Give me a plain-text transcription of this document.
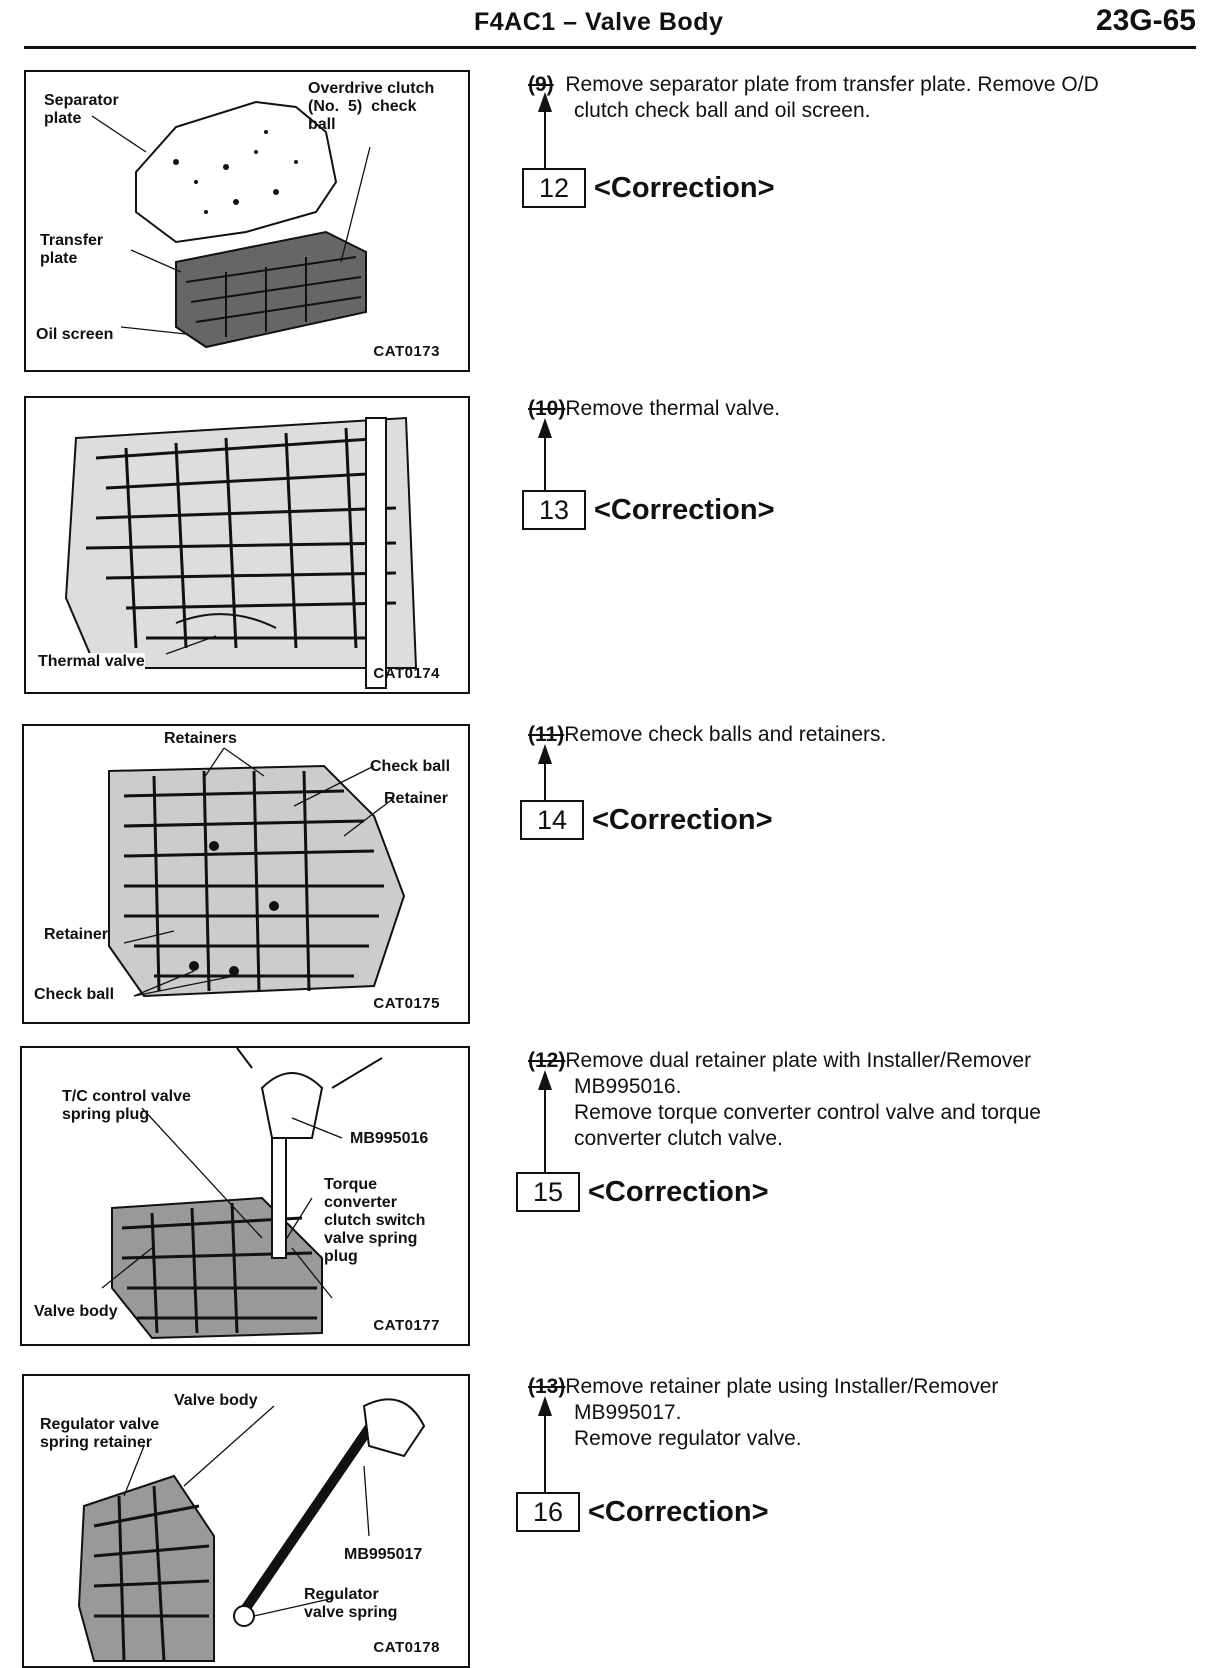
F4AC1 – Valve Body	23G-65
Separator
plate
Overdrive clutch
(No.  5)  check
ball
Transfer
plate
Oil screen
CAT0173
(9) Remove separator plate from transfer plate. Remove O/D
clutch check ball and oil screen.
12 <Correction>
Thermal valve
CAT0174
(10)Remove thermal valve.
13 <Correction>
Retainers
Check ball
Retainer
Retainer
Check ball
CAT0175
(11)Remove check balls and retainers.
14 <Correction>
T/C control valve
spring plug
MB995016
Torque
converter
clutch switch
valve spring
plug
Valve body
CAT0177
(12)Remove dual retainer plate with Installer/Remover
MB995016.
Remove torque converter control valve and torque
converter clutch valve.
15 <Correction>
Valve body
Regulator valve
spring retainer
MB995017
Regulator
valve spring
CAT0178
(13)Remove retainer plate using Installer/Remover
MB995017.
Remove regulator valve.
16 <Correction>
